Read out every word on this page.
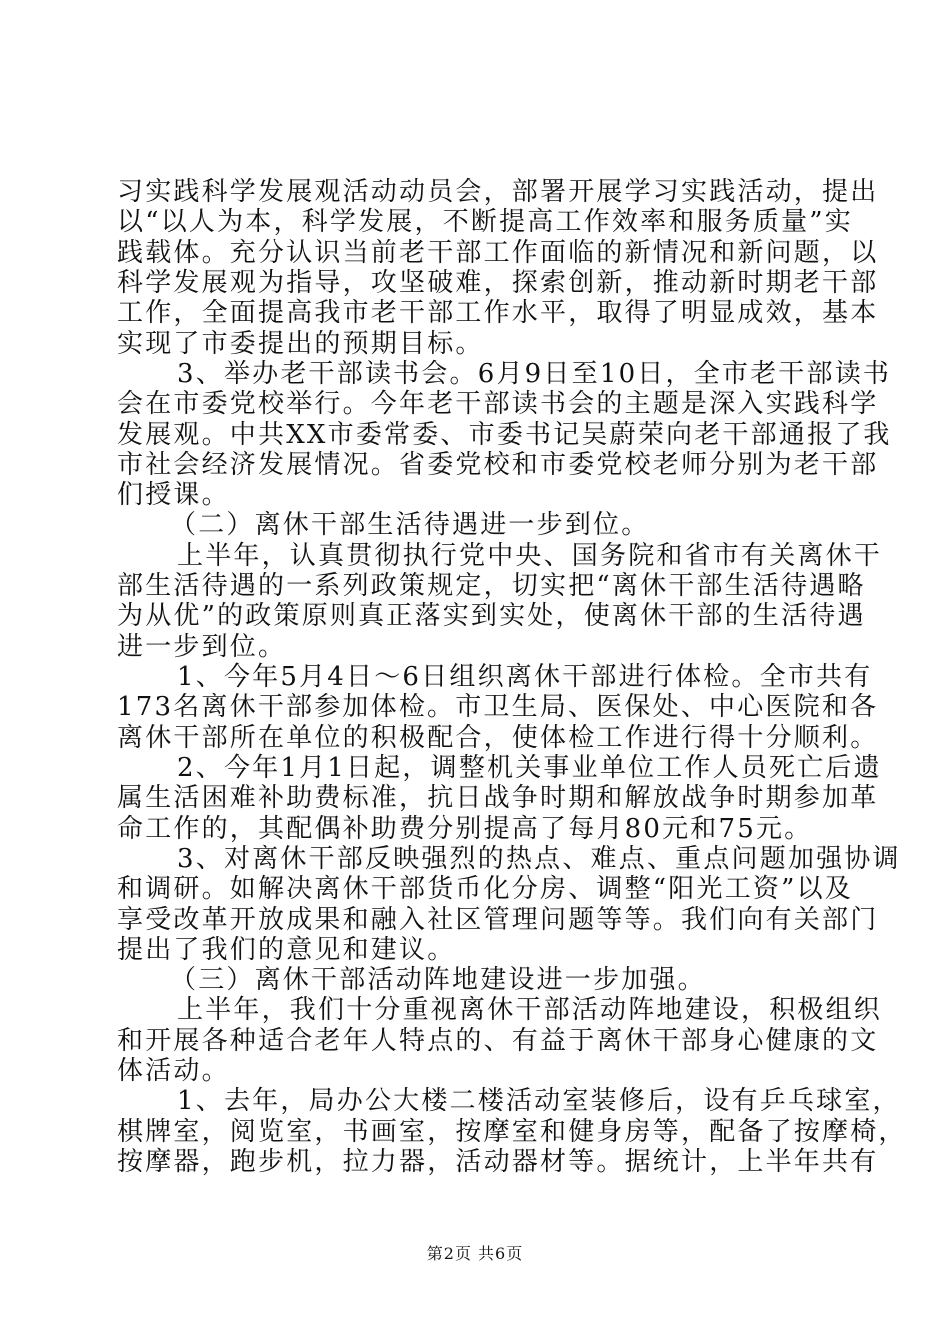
习实践科学发展观活动动员会，部署开展学习实践活动，提出
以“以人为本，科学发展，不断提高工作效率和服务质量”实
践载体。充分认识当前老干部工作面临的新情况和新问题，以
科学发展观为指导，攻坚破难，探索创新，推动新时期老干部
工作，全面提高我市老干部工作水平，取得了明显成效，基本
实现了市委提出的预期目标。
3、举办老干部读书会。6月9日至10日，全市老干部读书
会在市委党校举行。今年老干部读书会的主题是深入实践科学
发展观。中共XX市委常委、市委书记吴蔚荣向老干部通报了我
市社会经济发展情况。省委党校和市委党校老师分别为老干部
们授课。
（二）离休干部生活待遇进一步到位。
上半年，认真贯彻执行党中央、国务院和省市有关离休干
部生活待遇的一系列政策规定，切实把“离休干部生活待遇略
为从优”的政策原则真正落实到实处，使离休干部的生活待遇
进一步到位。
1、今年5月4日～6日组织离休干部进行体检。全市共有
173名离休干部参加体检。市卫生局、医保处、中心医院和各
离休干部所在单位的积极配合，使体检工作进行得十分顺利。
2、今年1月1日起，调整机关事业单位工作人员死亡后遗
属生活困难补助费标准，抗日战争时期和解放战争时期参加革
命工作的，其配偶补助费分别提高了每月80元和75元。
3、对离休干部反映强烈的热点、难点、重点问题加强协调
和调研。如解决离休干部货币化分房、调整“阳光工资”以及
享受改革开放成果和融入社区管理问题等等。我们向有关部门
提出了我们的意见和建议。
（三）离休干部活动阵地建设进一步加强。
上半年，我们十分重视离休干部活动阵地建设，积极组织
和开展各种适合老年人特点的、有益于离休干部身心健康的文
体活动。
1、去年，局办公大楼二楼活动室装修后，设有乒乓球室，
棋牌室，阅览室，书画室，按摩室和健身房等，配备了按摩椅，
按摩器，跑步机，拉力器，活动器材等。据统计，上半年共有
第2页 共6页
